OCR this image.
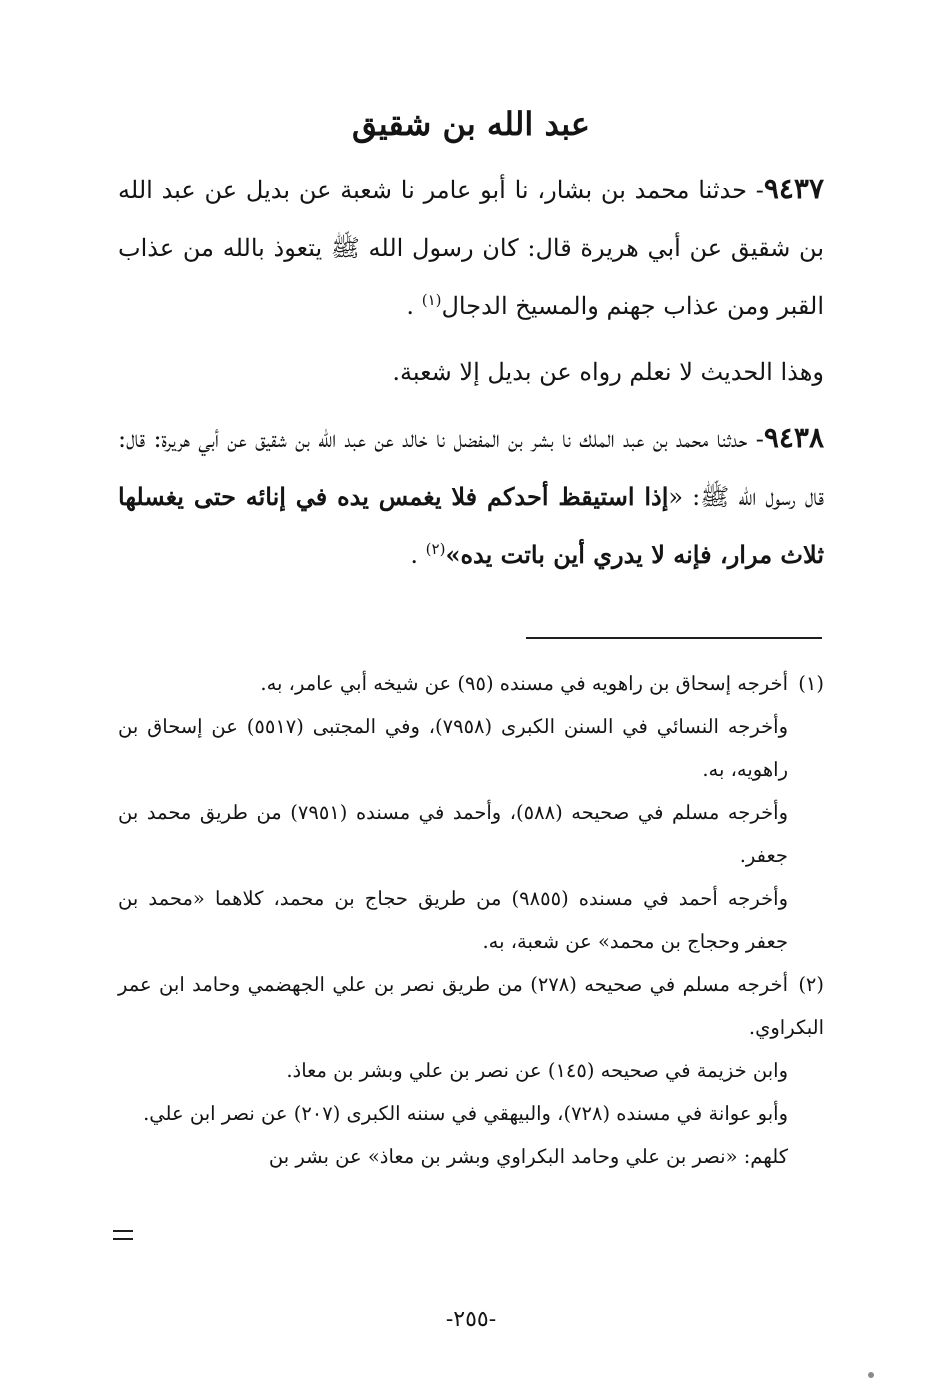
عبد الله بن شقيق

٩٤٣٧- حدثنا محمد بن بشار، نا أبو عامر نا شعبة عن بديل عن عبد الله بن شقيق عن أبي هريرة قال: كان رسول الله ﷺ يتعوذ بالله من عذاب القبر ومن عذاب جهنم والمسيخ الدجال$^{(١)}$ .

وهذا الحديث لا نعلم رواه عن بديل إلا شعبة.

٩٤٣٨- حدثنا محمد بن عبد الملك نا بشر بن المفضل نا خالد عن عبد الله بن شقيق عن أبي هريرة: قال: قال رسول الله ﷺ: «إذا استيقظ أحدكم فلا يغمس يده في إنائه حتى يغسلها ثلاث مرار، فإنه لا يدري أين باتت يده»$^{(٢)}$ .

(١)أخرجه إسحاق بن راهويه في مسنده (٩٥) عن شيخه أبي عامر، به.

وأخرجه النسائي في السنن الكبرى (٧٩٥٨)، وفي المجتبى (٥٥١٧) عن إسحاق بن راهويه، به.

وأخرجه مسلم في صحيحه (٥٨٨)، وأحمد في مسنده (٧٩٥١) من طريق محمد بن جعفر.

وأخرجه أحمد في مسنده (٩٨٥٥) من طريق حجاج بن محمد، كلاهما «محمد بن جعفر وحجاج بن محمد» عن شعبة، به.

(٢)أخرجه مسلم في صحيحه (٢٧٨) من طريق نصر بن علي الجهضمي وحامد ابن عمر البكراوي.

وابن خزيمة في صحيحه (١٤٥) عن نصر بن علي وبشر بن معاذ.

وأبو عوانة في مسنده (٧٢٨)، والبيهقي في سننه الكبرى (٢٠٧) عن نصر ابن علي.

كلهم: «نصر بن علي وحامد البكراوي وبشر بن معاذ» عن بشر بن

-٢٥٥-
